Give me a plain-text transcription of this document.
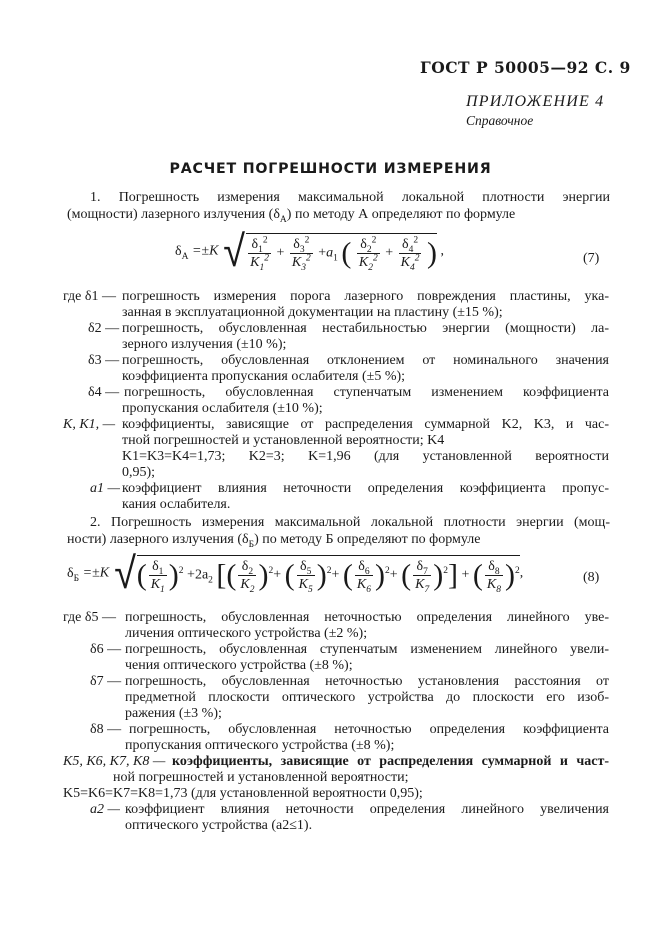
ГОСТ Р 50005—92 С. 9
ПРИЛОЖЕНИЕ 4
Справочное
РАСЧЕТ ПОГРЕШНОСТИ ИЗМЕРЕНИЯ
1. Погрешность измерения максимальной локальной плотности энергии
(мощности) лазерного излучения $(\delta_А)$ по методу А определяют по формуле
$\delta_А =\pm K$ √ $\frac{\delta_1^2}{K_1^2} + \frac{\delta_3^2}{K_3^2} +a_1$ ( $\frac{\delta_2^2}{K_2^2} + \frac{\delta_4^2}{K_4^2}$ ) ,	(7)
где δ1 — погрешность измерения порога лазерного повреждения пластины, ука-
занная в эксплуатационной документации на пластину (±15 %);
δ2 — погрешность, обусловленная нестабильностью энергии (мощности) ла-
зерного излучения (±10 %);
δ3 — погрешность, обусловленная отклонением от номинального значения
коэффициента пропускания ослабителя (±5 %);
δ4 — погрешность, обусловленная ступенчатым изменением коэффициента
пропускания ослабителя (±10 %);
K, K1, — коэффициенты, зависящие от распределения суммарной K2, K3, и час-
тной погрешностей и установленной вероятности; K4
K1=K3=K4=1,73; K2=3; K=1,96 (для установленной вероятности
0,95);
a1 — коэффициент влияния неточности определения коэффициента пропус-
кания ослабителя.
2. Погрешность измерения максимальной локальной плотности энергии (мощ-
ности) лазерного излучения $(\delta_Б)$ по методу Б определяют по формуле
$\delta_Б =\pm K$ √( $\frac{\delta_1}{K_1} )^2 +2a_2$ [( $\frac{\delta_2}{K_2} )^2+$ ( $\frac{\delta_5}{K_5} )^2+$ ( $\frac{\delta_6}{K_6} )^2+$ ( $\frac{\delta_7}{K_7} )^2$] + ( $\frac{\delta_8}{K_8} )^2$,	(8)
где δ5 — погрешность, обусловленная неточностью определения линейного уве-
личения оптического устройства (±2 %);
δ6 — погрешность, обусловленная ступенчатым изменением линейного увели-
чения оптического устройства (±8 %);
δ7 — погрешность, обусловленная неточностью установления расстояния от
предметной плоскости оптического устройства до плоскости его изоб-
ражения (±3 %);
δ8 — погрешность, обусловленная неточностью определения коэффициента
пропускания оптического устройства (±8 %);
K5, K6, K7, K8 — коэффициенты, зависящие от распределения суммарной и част-
ной погрешностей и установленной вероятности;
K5=K6=K7=K8=1,73 (для установленной вероятности 0,95);
a2 — коэффициент влияния неточности определения линейного увеличения
оптического устройства (a2≤1).
